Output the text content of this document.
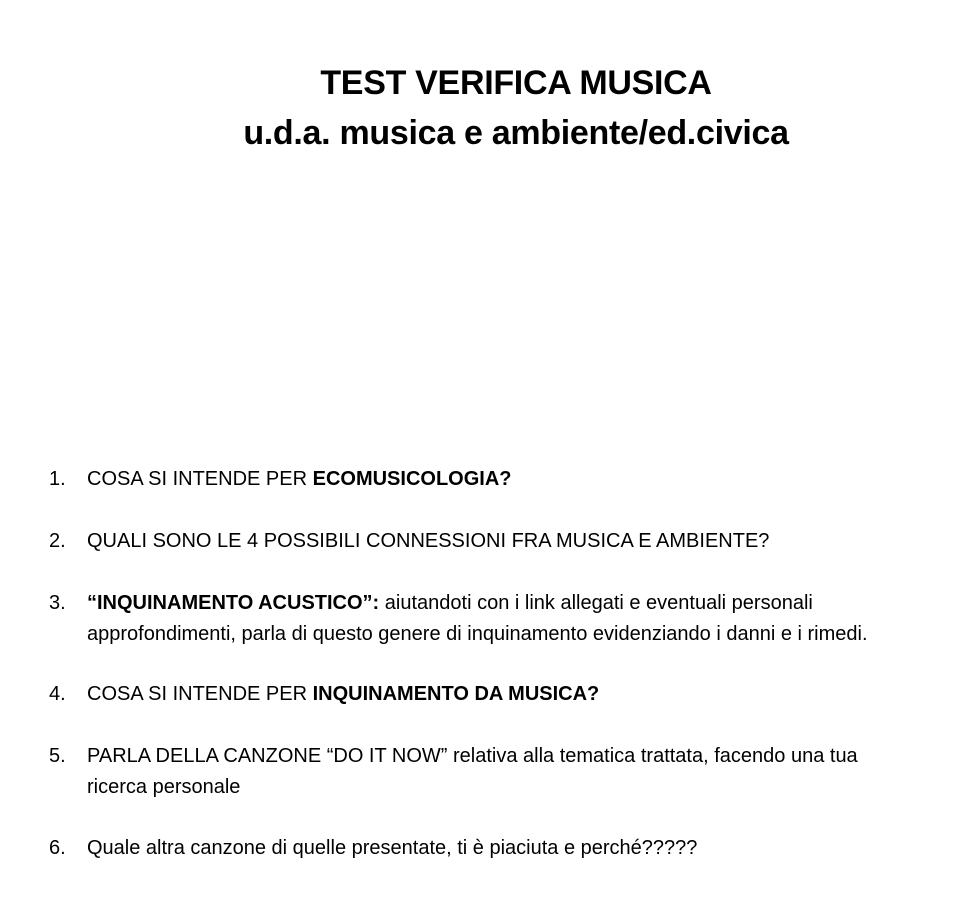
TEST VERIFICA MUSICA
u.d.a. musica e ambiente/ed.civica
1.	COSA SI INTENDE PER ECOMUSICOLOGIA?
2.	QUALI SONO LE 4 POSSIBILI CONNESSIONI FRA MUSICA E AMBIENTE?
3.	“INQUINAMENTO ACUSTICO”: aiutandoti con i link allegati e eventuali personali
approfondimenti, parla di questo genere di inquinamento evidenziando i danni e i rimedi.
4.	COSA SI INTENDE PER INQUINAMENTO DA MUSICA?
5.	PARLA DELLA CANZONE “DO IT NOW” relativa alla tematica trattata, facendo una tua
ricerca personale
6.	Quale altra canzone di quelle presentate, ti è piaciuta e perché?????
